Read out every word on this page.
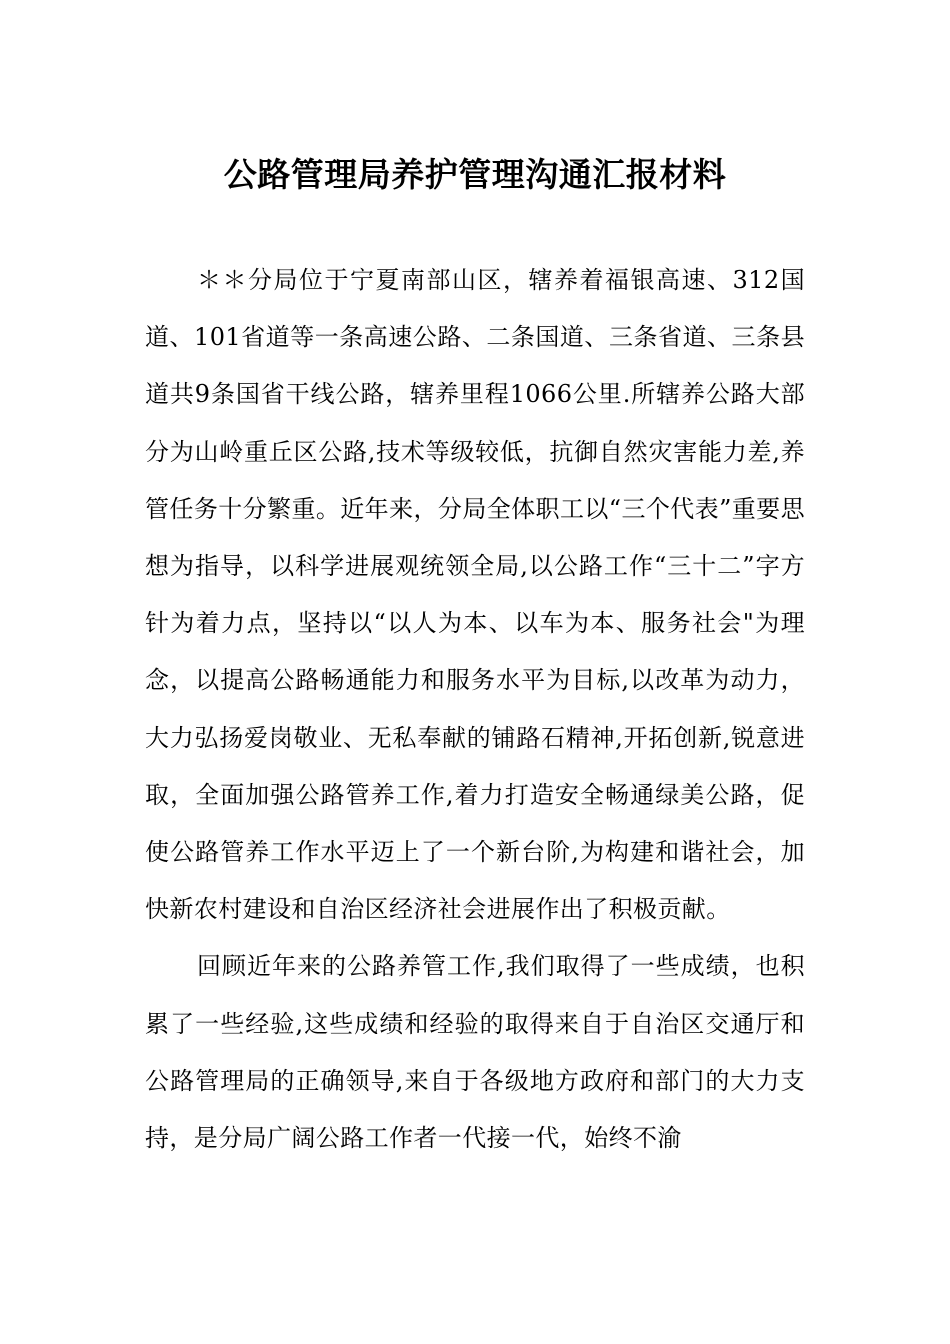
公路管理局养护管理沟通汇报材料

＊＊分局位于宁夏南部山区，辖养着福银高速、312国道、101省道等一条高速公路、二条国道、三条省道、三条县道共9条国省干线公路，辖养里程1066公里.所辖养公路大部分为山岭重丘区公路,技术等级较低，抗御自然灾害能力差,养管任务十分繁重。近年来，分局全体职工以“三个代表”重要思想为指导，以科学进展观统领全局,以公路工作“三十二”字方针为着力点，坚持以“以人为本、以车为本、服务社会"为理念，以提高公路畅通能力和服务水平为目标,以改革为动力，大力弘扬爱岗敬业、无私奉献的铺路石精神,开拓创新,锐意进取，全面加强公路管养工作,着力打造安全畅通绿美公路，促使公路管养工作水平迈上了一个新台阶,为构建和谐社会，加快新农村建设和自治区经济社会进展作出了积极贡献。

回顾近年来的公路养管工作,我们取得了一些成绩，也积累了一些经验,这些成绩和经验的取得来自于自治区交通厅和公路管理局的正确领导,来自于各级地方政府和部门的大力支持，是分局广阔公路工作者一代接一代，始终不渝
